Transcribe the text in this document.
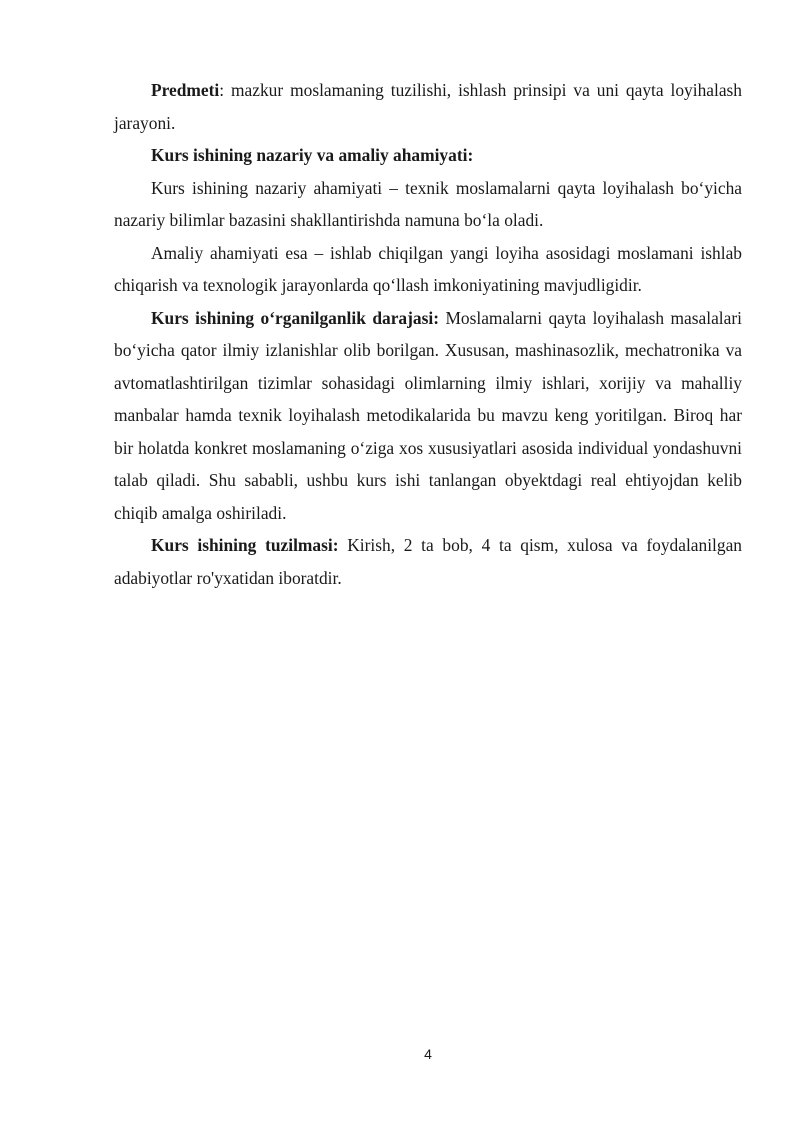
Predmeti: mazkur moslamaning tuzilishi, ishlash prinsipi va uni qayta loyihalash jarayoni.

Kurs ishining nazariy va amaliy ahamiyati:

Kurs ishining nazariy ahamiyati – texnik moslamalarni qayta loyihalash bo‘yicha nazariy bilimlar bazasini shakllantirishda namuna bo‘la oladi.

Amaliy ahamiyati esa – ishlab chiqilgan yangi loyiha asosidagi moslamani ishlab chiqarish va texnologik jarayonlarda qo‘llash imkoniyatining mavjudligidir.

Kurs ishining o‘rganilganlik darajasi: Moslamalarni qayta loyihalash masalalari bo‘yicha qator ilmiy izlanishlar olib borilgan. Xususan, mashinasozlik, mechatronika va avtomatlashtirilgan tizimlar sohasidagi olimlarning ilmiy ishlari, xorijiy va mahalliy manbalar hamda texnik loyihalash metodikalarida bu mavzu keng yoritilgan. Biroq har bir holatda konkret moslamaning o‘ziga xos xususiyatlari asosida individual yondashuvni talab qiladi. Shu sababli, ushbu kurs ishi tanlangan obyektdagi real ehtiyojdan kelib chiqib amalga oshiriladi.

Kurs ishining tuzilmasi: Kirish, 2 ta bob, 4 ta qism, xulosa va foydalanilgan adabiyotlar ro'yxatidan iboratdir.

4
